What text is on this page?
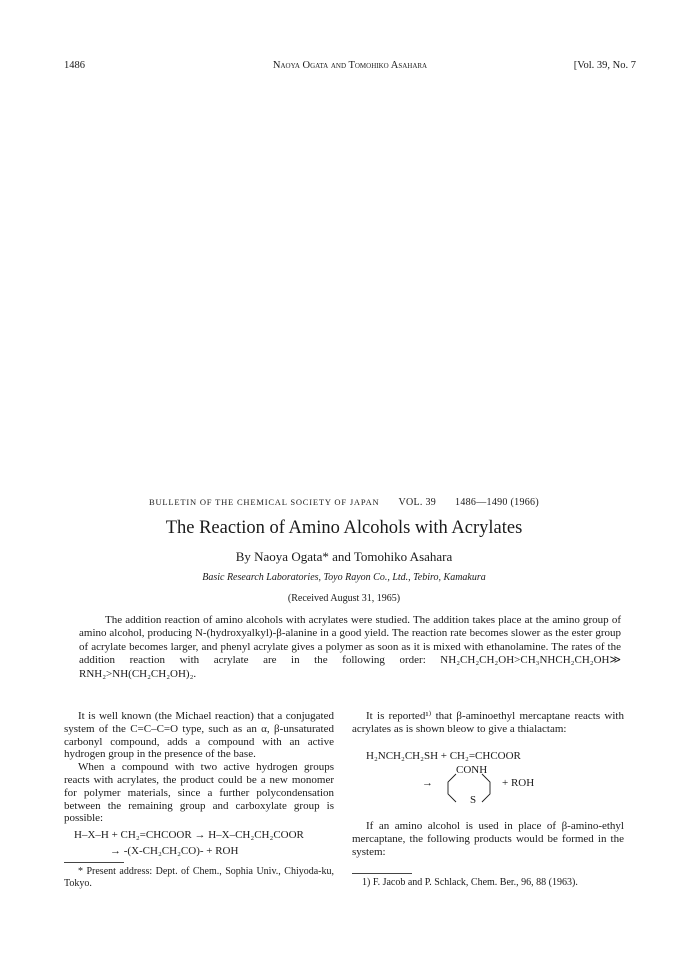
1486	Naoya Ogata and Tomohiko Asahara	[Vol. 39, No. 7
BULLETIN OF THE CHEMICAL SOCIETY OF JAPAN VOL. 39 1486—1490 (1966)
The Reaction of Amino Alcohols with Acrylates
By Naoya Ogata* and Tomohiko Asahara
Basic Research Laboratories, Toyo Rayon Co., Ltd., Tebiro, Kamakura
(Received August 31, 1965)

The addition reaction of amino alcohols with acrylates were studied. The addition takes place at the amino group of amino alcohol, producing N-(hydroxyalkyl)-β-alanine in a good yield. The reaction rate becomes slower as the ester group of acrylate becomes larger, and phenyl acrylate gives a polymer as soon as it is mixed with ethanolamine. The rates of the addition reaction with acrylate are in the following order: NH₂CH₂CH₂OH>CH₃NHCH₂CH₂OH≫ RNH₂>NH(CH₂CH₂OH)₂.

It is well known (the Michael reaction) that a conjugated system of the C=C–C=O type, such as an α, β-unsaturated carbonyl compound, adds a compound with an active hydrogen group in the presence of the base.

When a compound with two active hydrogen groups reacts with acrylates, the product could be a new monomer for polymer materials, since a further polycondensation between the remaining group and carboxylate group is possible:

H–X–H + CH₂=CHCOOR → H–X–CH₂CH₂COOR
→ -(X-CH₂CH₂CO)- + ROH
* Present address: Dept. of Chem., Sophia Univ., Chiyoda-ku, Tokyo.

It is reported¹⁾ that β-aminoethyl mercaptane reacts with acrylates as is shown bleow to give a thialactam:

H₂NCH₂CH₂SH + CH₂=CHCOOR
→
CONH
S
+ ROH

If an amino alcohol is used in place of β-amino-ethyl mercaptane, the following products would be formed in the system:

1) F. Jacob and P. Schlack, Chem. Ber., 96, 88 (1963).
